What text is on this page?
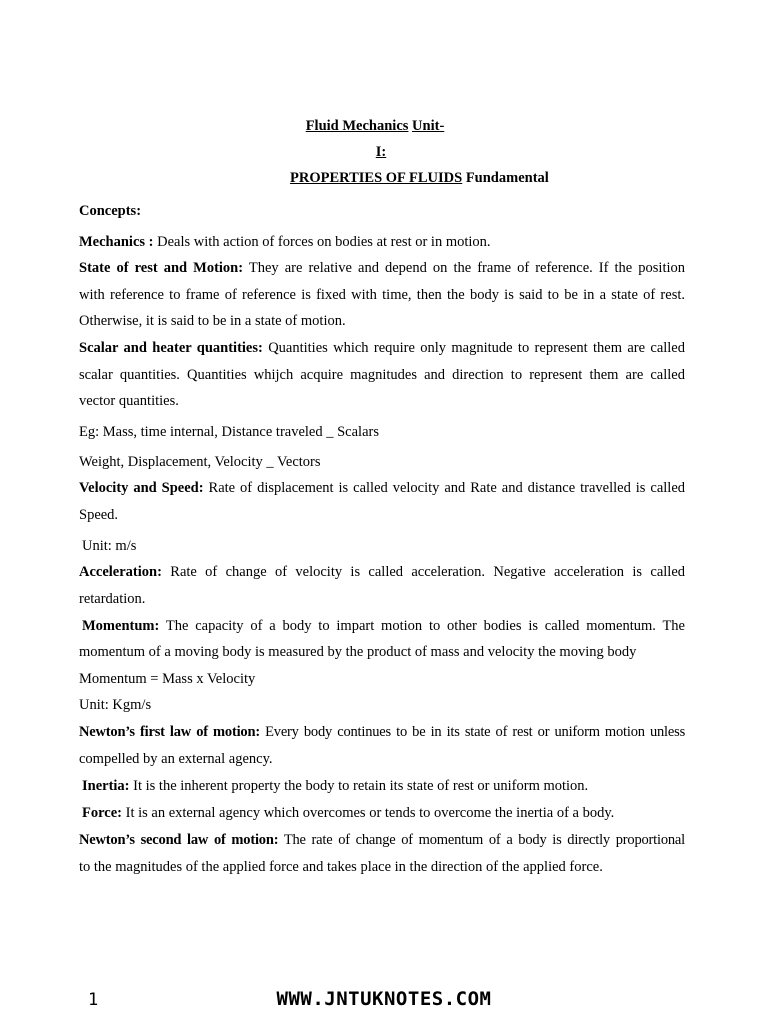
Fluid Mechanics Unit-
I:
PROPERTIES OF FLUIDS Fundamental
Concepts:
Mechanics : Deals with action of forces on bodies at rest or in motion.
State of rest and Motion: They are relative and depend on the frame of reference. If the position
with reference to frame of reference is fixed with time, then the body is said to be in a state of rest.
Otherwise, it is said to be in a state of motion.
Scalar and heater quantities: Quantities which require only magnitude to represent them are called
scalar quantities. Quantities whijch acquire magnitudes and direction to represent them are called
vector quantities.
Eg: Mass, time internal, Distance traveled _ Scalars
Weight, Displacement, Velocity _ Vectors
Velocity and Speed: Rate of displacement is called velocity and Rate and distance travelled is called
Speed.
Unit: m/s
Acceleration: Rate of change of velocity is called acceleration. Negative acceleration is called
retardation.
Momentum: The capacity of a body to impart motion to other bodies is called momentum. The
momentum of a moving body is measured by the product of mass and velocity the moving body
Momentum = Mass x Velocity
Unit: Kgm/s
Newton’s first law of motion: Every body continues to be in its state of rest or uniform motion unless
compelled by an external agency.
Inertia: It is the inherent property the body to retain its state of rest or uniform motion.
Force: It is an external agency which overcomes or tends to overcome the inertia of a body.
Newton’s second law of motion: The rate of change of momentum of a body is directly proportional
to the magnitudes of the applied force and takes place in the direction of the applied force.
1	WWW.JNTUKNOTES.COM
